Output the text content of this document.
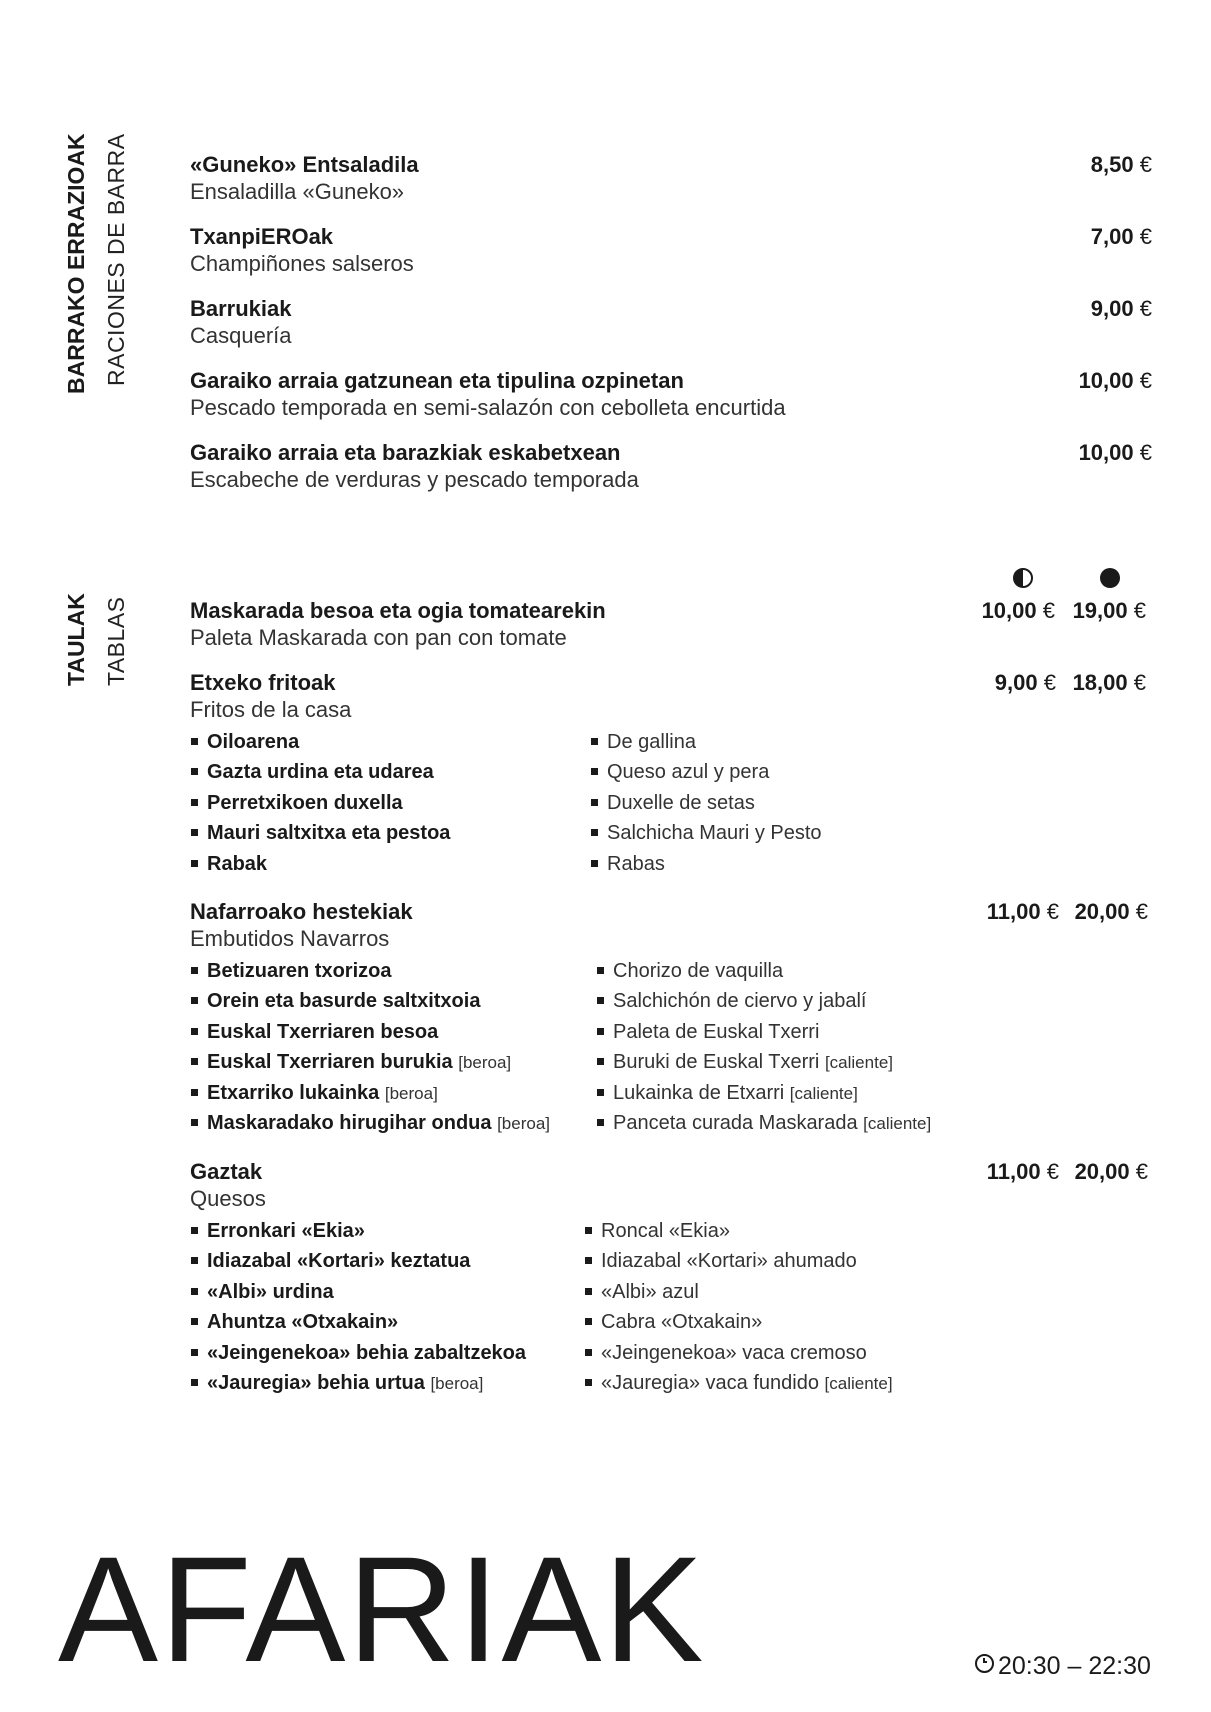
BARRAKO ERRAZIOAK RACIONES DE BARRA
TAULAK TABLAS
«Guneko» Entsaladila
Ensaladilla «Guneko»
8,50 €
TxanpiEROak
Champiñones salseros
7,00 €
Barrukiak
Casquería
9,00 €
Garaiko arraia gatzunean eta tipulina ozpinetan
Pescado temporada en semi-salazón con cebolleta encurtida
10,00 €
Garaiko arraia eta barazkiak eskabetxean
Escabeche de verduras y pescado temporada
10,00 €
Maskarada besoa eta ogia tomatearekin
Paleta Maskarada con pan con tomate
10,00 € 19,00 €
Etxeko fritoak
Fritos de la casa
9,00 € 18,00 €
Oiloarena
Gazta urdina eta udarea
Perretxikoen duxella
Mauri saltxitxa eta pestoa
Rabak
De gallina
Queso azul y pera
Duxelle de setas
Salchicha Mauri y Pesto
Rabas
Nafarroako hestekiak
Embutidos Navarros
11,00 € 20,00 €
Betizuaren txorizoa
Orein eta basurde saltxitxoia
Euskal Txerriaren besoa
Euskal Txerriaren burukia [beroa]
Etxarriko lukainka [beroa]
Maskaradako hirugihar ondua [beroa]
Chorizo de vaquilla
Salchichón de ciervo y jabalí
Paleta de Euskal Txerri
Buruki de Euskal Txerri [caliente]
Lukainka de Etxarri [caliente]
Panceta curada Maskarada [caliente]
Gaztak
Quesos
11,00 € 20,00 €
Erronkari «Ekia»
Idiazabal «Kortari» keztatua
«Albi» urdina
Ahuntza «Otxakain»
«Jeingenekoa» behia zabaltzekoa
«Jauregia» behia urtua [beroa]
Roncal «Ekia»
Idiazabal «Kortari» ahumado
«Albi» azul
Cabra «Otxakain»
«Jeingenekoa» vaca cremoso
«Jauregia» vaca fundido [caliente]
AFARIAK	20:30 – 22:30
